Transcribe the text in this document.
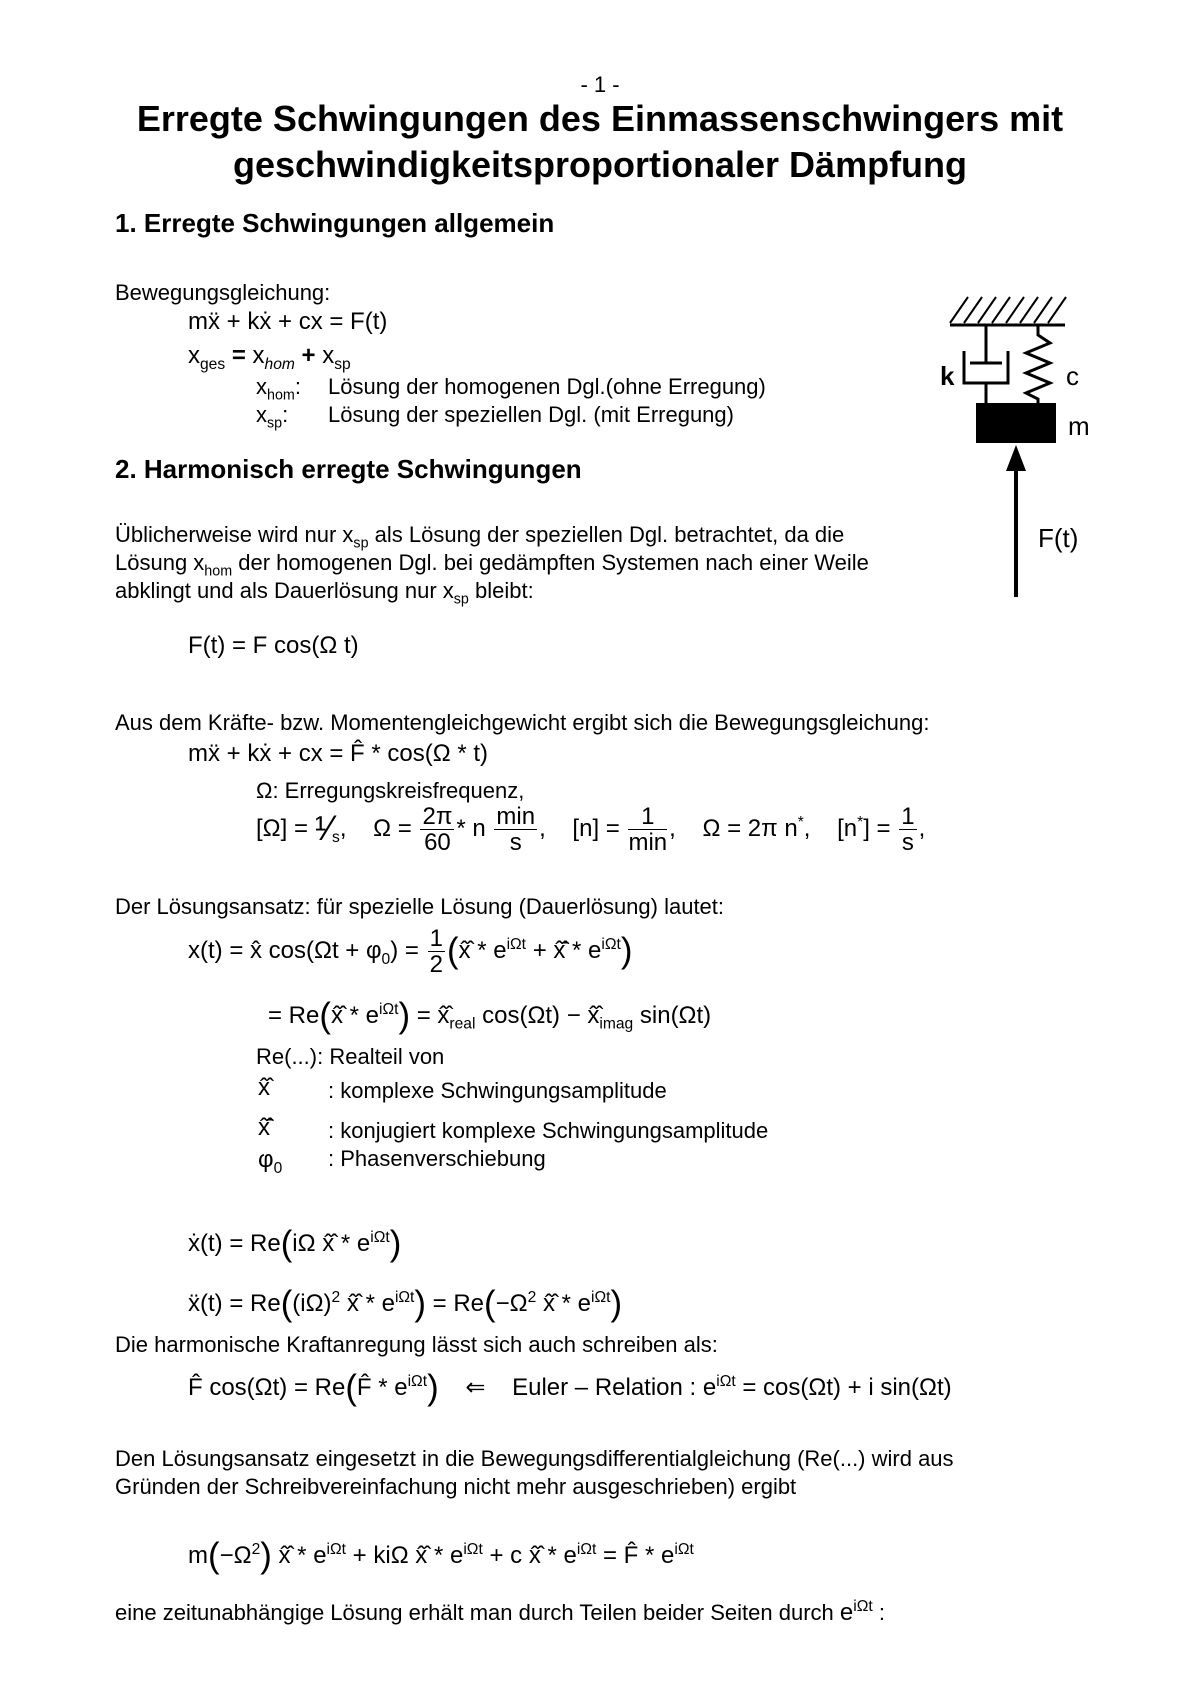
- 1 -
Erregte Schwingungen des Einmassenschwingers mit
geschwindigkeitsproportionaler Dämpfung
1. Erregte Schwingungen allgemein
Bewegungsgleichung:
mẍ + kẋ + cx = F(t)
$x_{ges} = x_{hom} + x_{sp}$
$x_{hom}$: Lösung der homogenen Dgl.(ohne Erregung)
$x_{sp}$: Lösung der speziellen Dgl. (mit Erregung)
k	c
m
F(t)
2. Harmonisch erregte Schwingungen
Üblicherweise wird nur $x_{sp}$ als Lösung der speziellen Dgl. betrachtet, da die
Lösung $x_{hom}$ der homogenen Dgl. bei gedämpften Systemen nach einer Weile
abklingt und als Dauerlösung nur $x_{sp}$ bleibt:
F(t) = F cos(Ω t)
Aus dem Kräfte- bzw. Momentengleichgewicht ergibt sich die Bewegungsgleichung:
mẍ + kẋ + cx = F̂ * cos(Ω * t)
Ω: Erregungskreisfrequenz,
$[\Omega] = ^1⁄_s$,    $\Omega = \frac{2\pi}{60} * n \frac{\min}{s}$ ,    $[n] = \frac{1}{\min}$ ,    Ω = 2π n*,    $[n^*] = \frac{1}{s}$ ,
Der Lösungsansatz: für spezielle Lösung (Dauerlösung) lautet:
x(t) = x̂ $\cos(\Omega t + \varphi_0) = \frac{1}{2}$ (x̂̂ * $e^{i\Omega t}$ + x̂̂̄ * $e^{i\Omega t}$)
= Re(x̂̂ * $e^{i\Omega t}$) = $x̂̂_{real}$ $\cos(\Omega t) - x̂̂_{imag}$ sin(Ωt)
Re(...): Realteil von
x̂̂	: komplexe Schwingungsamplitude
x̂̂̄	: konjugiert komplexe Schwingungsamplitude
$\varphi_0$ : Phasenverschiebung
ẋ(t) = Re(iΩ x̂̂ * $e^{i\Omega t}$)
ẍ(t) = $Re((i\Omega)^2$ x̂̂ * $e^{i\Omega t}) = Re(-\Omega^2$ x̂̂ * $e^{i\Omega t}$)
Die harmonische Kraftanregung lässt sich auch schreiben als:
F̂ cos(Ωt) = Re(F̂ * $e^{i\Omega t}$)    ⇐    Euler – Relation : $e^{i\Omega t} = \cos(\Omega t) + i$ sin(Ωt)
Den Lösungsansatz eingesetzt in die Bewegungsdifferentialgleichung (Re(...) wird aus
Gründen der Schreibvereinfachung nicht mehr ausgeschrieben) ergibt
$m(-\Omega^2)$ x̂̂ * $e^{i\Omega t} + ki\Omega$ x̂̂ * $e^{i\Omega t} + c$ x̂̂ * $e^{i\Omega t}$ = F̂ * $e^{i\Omega t}$
eine zeitunabhängige Lösung erhält man durch Teilen beider Seiten durch $e^{i\Omega t}$ :
